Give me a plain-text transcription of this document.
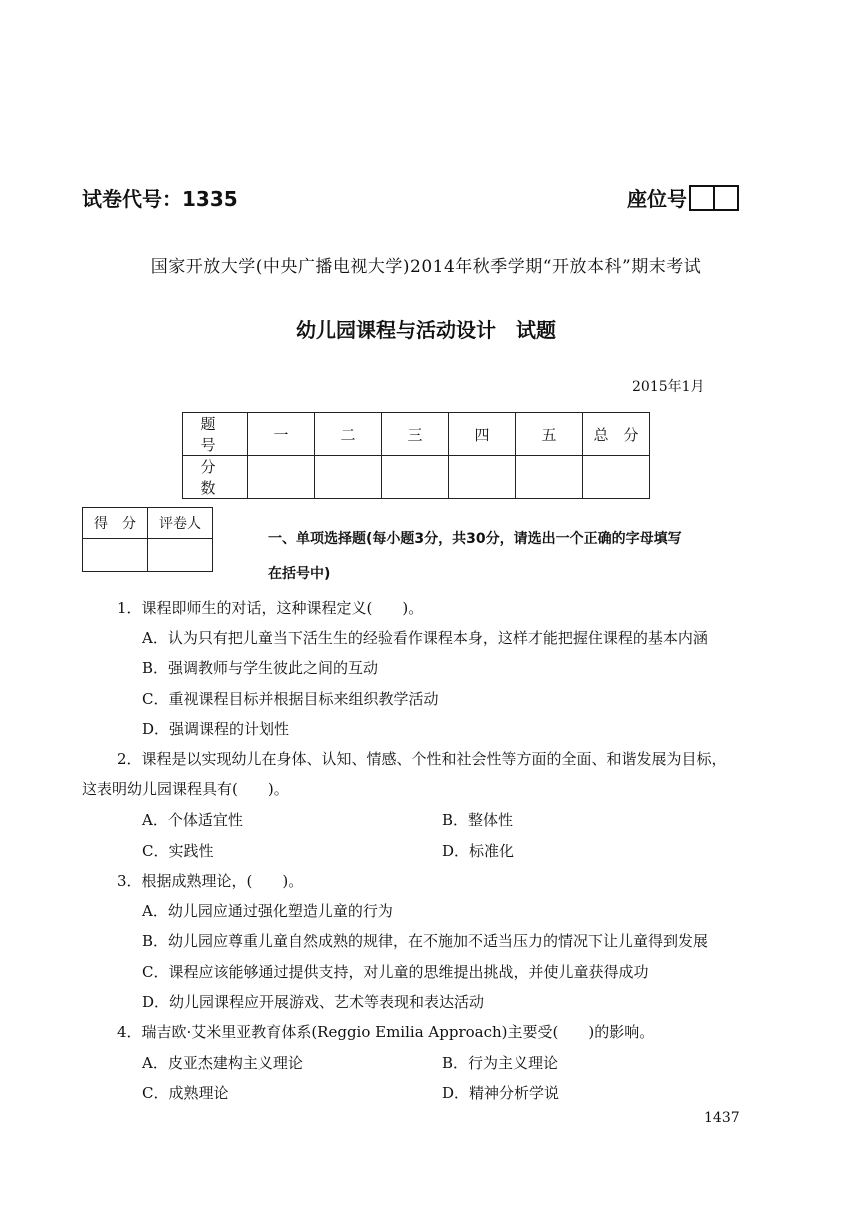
试卷代号：1335	座位号
国家开放大学(中央广播电视大学)2014年秋季学期“开放本科”期末考试
幼儿园课程与活动设计　试题
2015年1月
题　号	一	二	三	四	五	总　分
分　数						
得　分	评卷人

一、单项选择题(每小题3分，共30分，请选出一个正确的字母填写
在括号中)
1．课程即师生的对话，这种课程定义(　　)。
A．认为只有把儿童当下活生生的经验看作课程本身，这样才能把握住课程的基本内涵
B．强调教师与学生彼此之间的互动
C．重视课程目标并根据目标来组织教学活动
D．强调课程的计划性
2．课程是以实现幼儿在身体、认知、情感、个性和社会性等方面的全面、和谐发展为目标，
这表明幼儿园课程具有(　　)。
A．个体适宜性	B．整体性
C．实践性	D．标准化
3．根据成熟理论，(　　)。
A．幼儿园应通过强化塑造儿童的行为
B．幼儿园应尊重儿童自然成熟的规律，在不施加不适当压力的情况下让儿童得到发展
C．课程应该能够通过提供支持，对儿童的思维提出挑战，并使儿童获得成功
D．幼儿园课程应开展游戏、艺术等表现和表达活动
4．瑞吉欧·艾米里亚教育体系(Reggio Emilia Approach)主要受(　　)的影响。
A．皮亚杰建构主义理论	B．行为主义理论
C．成熟理论	D．精神分析学说
1437
